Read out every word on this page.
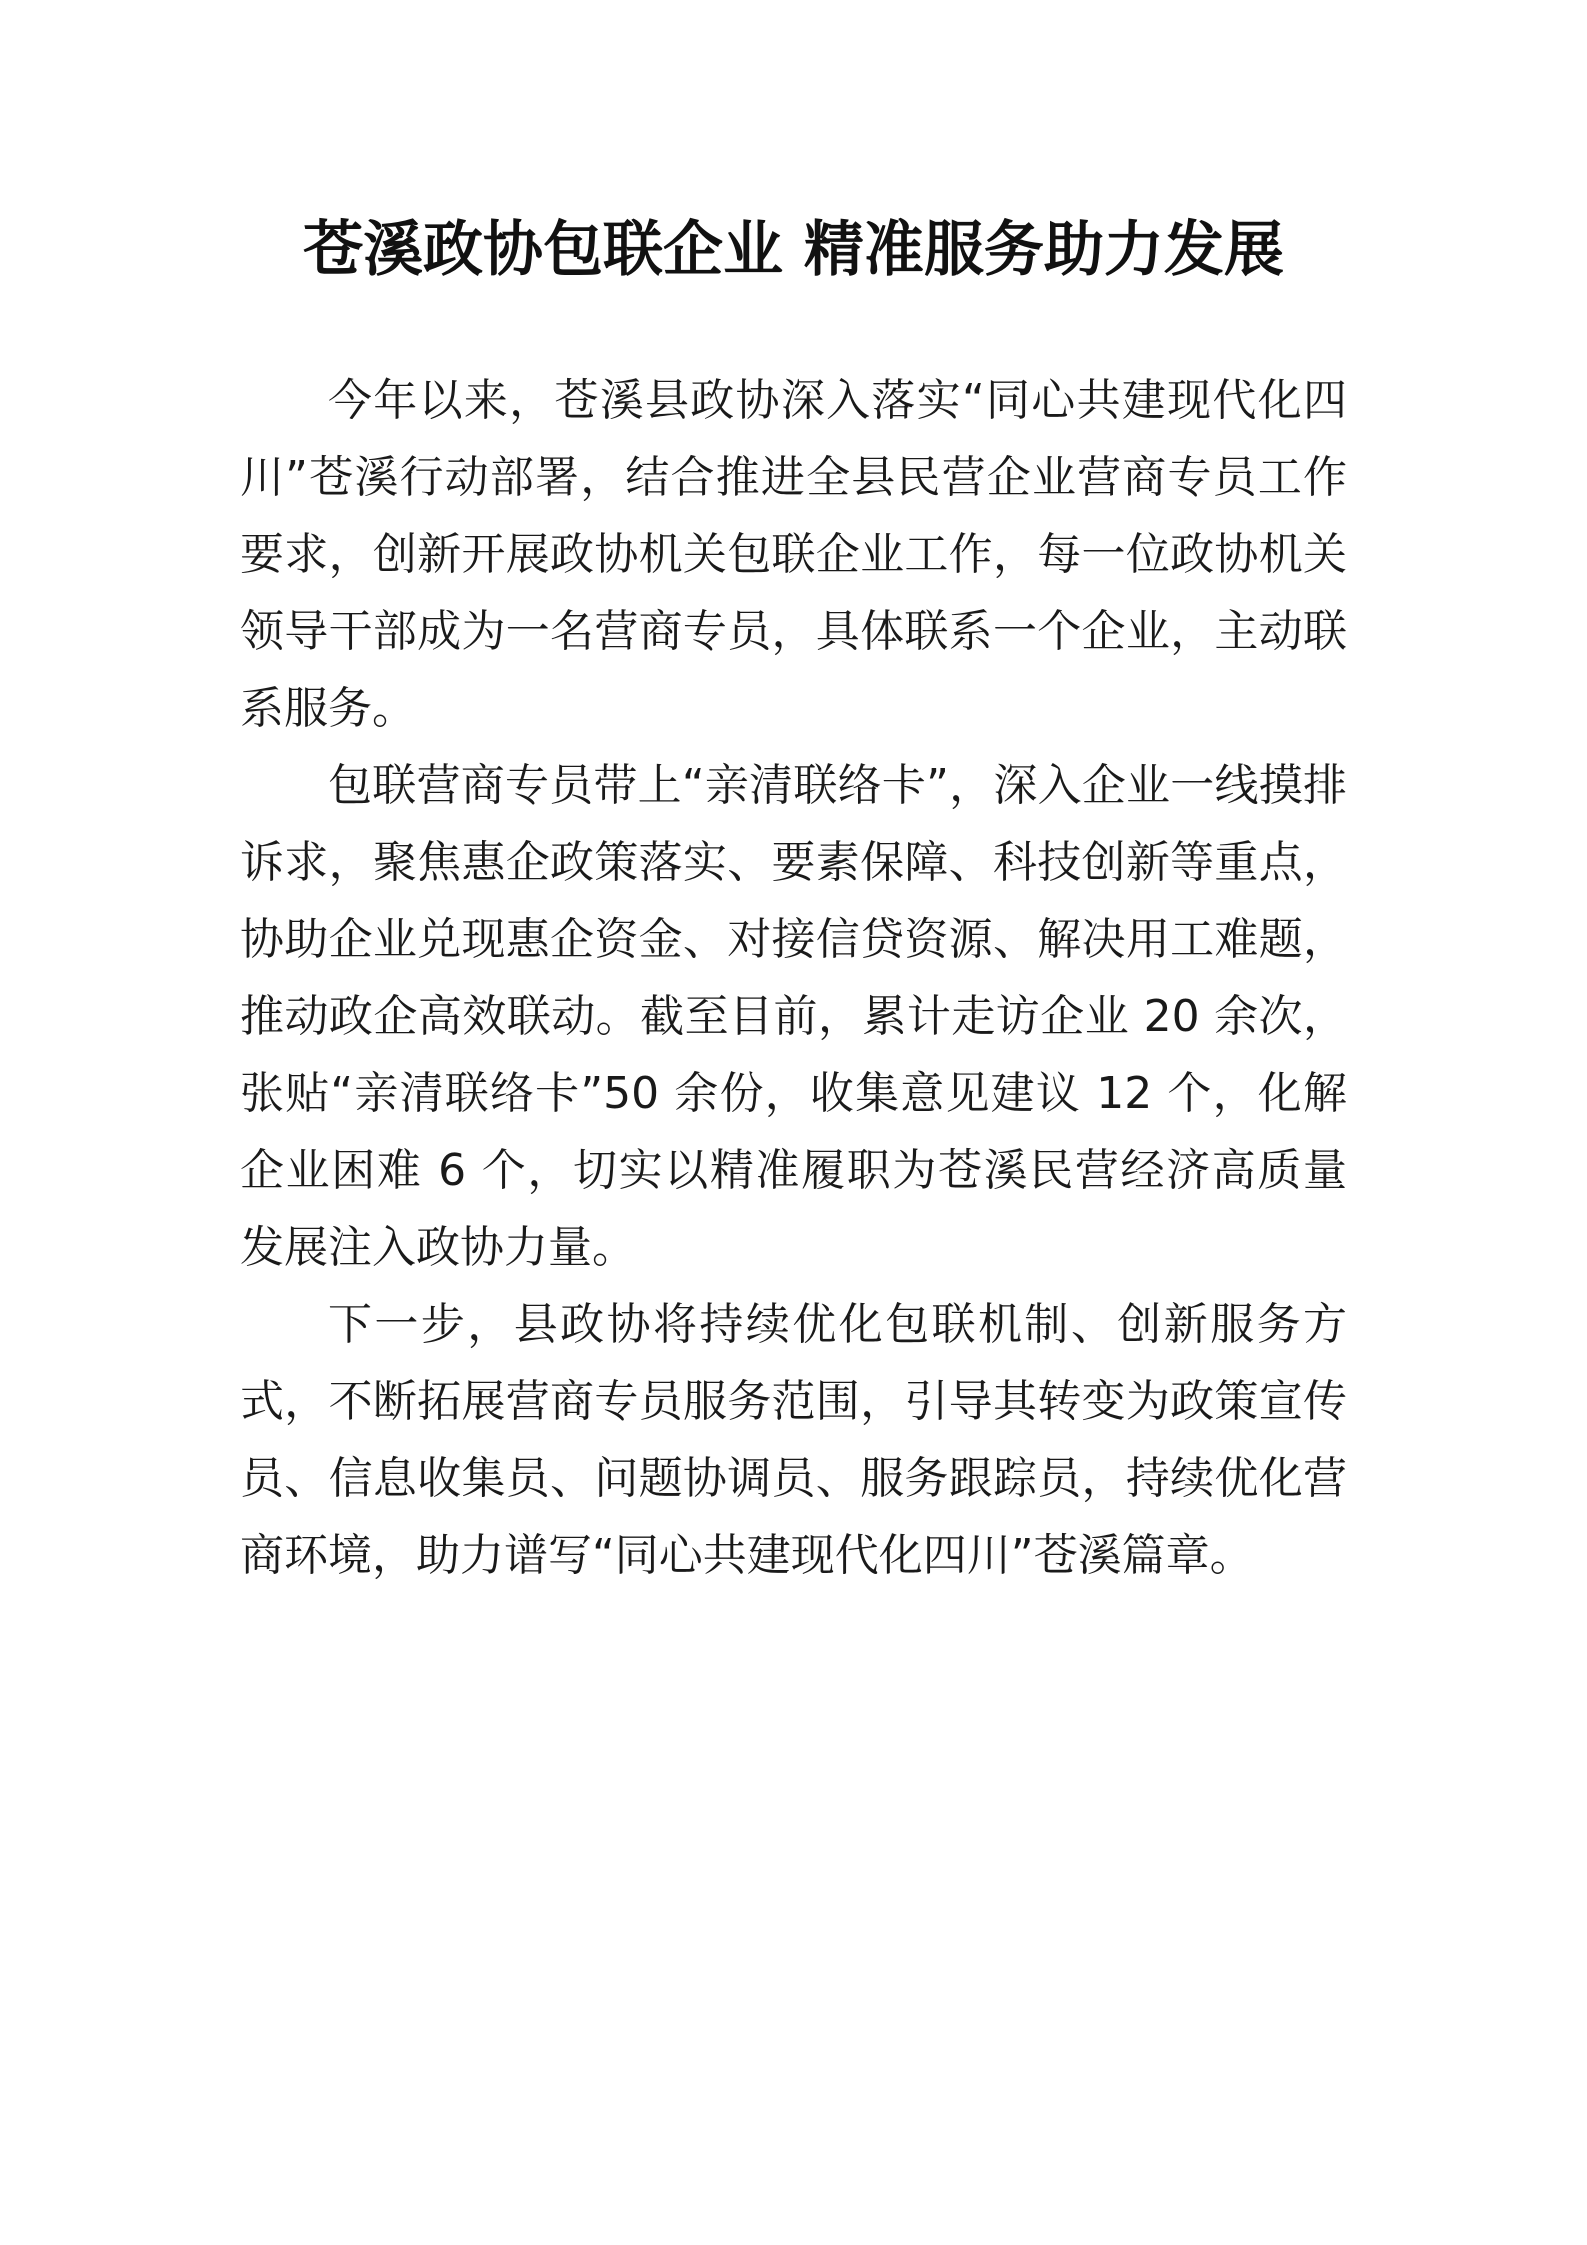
苍溪政协包联企业 精准服务助力发展

今年以来，苍溪县政协深入落实“同心共建现代化四川”苍溪行动部署，结合推进全县民营企业营商专员工作要求，创新开展政协机关包联企业工作，每一位政协机关领导干部成为一名营商专员，具体联系一个企业，主动联系服务。

包联营商专员带上“亲清联络卡”，深入企业一线摸排诉求，聚焦惠企政策落实、要素保障、科技创新等重点，协助企业兑现惠企资金、对接信贷资源、解决用工难题，推动政企高效联动。截至目前，累计走访企业 20 余次，张贴“亲清联络卡”50 余份，收集意见建议 12 个，化解企业困难 6 个，切实以精准履职为苍溪民营经济高质量发展注入政协力量。

下一步，县政协将持续优化包联机制、创新服务方式，不断拓展营商专员服务范围，引导其转变为政策宣传员、信息收集员、问题协调员、服务跟踪员，持续优化营商环境，助力谱写“同心共建现代化四川”苍溪篇章。
